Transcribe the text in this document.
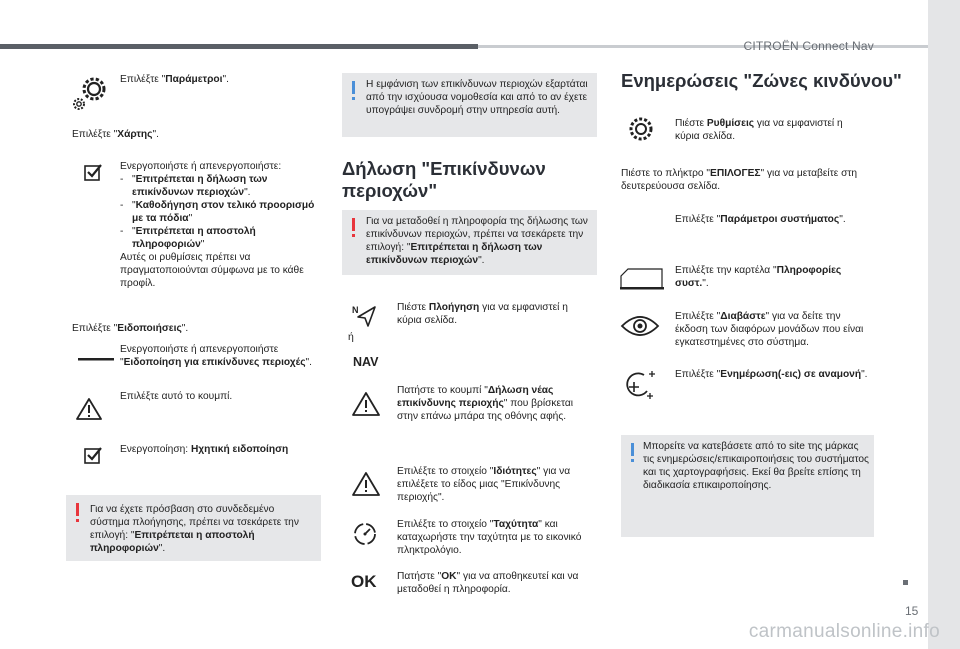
CITROËN Connect Nav
15
Επιλέξτε "Παράμετροι".
Επιλέξτε "Χάρτης".
Ενεργοποιήστε ή απενεργοποιήστε:
- "Επιτρέπεται η δήλωση των επικίνδυνων περιοχών".
- "Καθοδήγηση στον τελικό προορισμό με τα πόδια"
- "Επιτρέπεται η αποστολή πληροφοριών"
Αυτές οι ρυθμίσεις πρέπει να πραγματοποιούνται σύμφωνα με το κάθε προφίλ.
Επιλέξτε "Ειδοποιήσεις".
Ενεργοποιήστε ή απενεργοποιήστε "Ειδοποίηση για επικίνδυνες περιοχές".
Επιλέξτε αυτό το κουμπί.
Ενεργοποίηση: Ηχητική ειδοποίηση
Για να έχετε πρόσβαση στο συνδεδεμένο σύστημα πλοήγησης, πρέπει να τσεκάρετε την επιλογή: "Επιτρέπεται η αποστολή πληροφοριών".
Η εμφάνιση των επικίνδυνων περιοχών εξαρτάται από την ισχύουσα νομοθεσία και από το αν έχετε υπογράψει συνδρομή στην υπηρεσία αυτή.
Δήλωση "Επικίνδυνων περιοχών"
Για να μεταδοθεί η πληροφορία της δήλωσης των επικίνδυνων περιοχών, πρέπει να τσεκάρετε την επιλογή: "Επιτρέπεται η δήλωση των επικίνδυνων περιοχών".
N
ή
NAV
Πιέστε Πλοήγηση για να εμφανιστεί η κύρια σελίδα.
Πατήστε το κουμπί "Δήλωση νέας επικίνδυνης περιοχής" που βρίσκεται στην επάνω μπάρα της οθόνης αφής.
Επιλέξτε το στοιχείο "Ιδιότητες" για να επιλέξετε το είδος μιας "Επικίνδυνης περιοχής".
Επιλέξτε το στοιχείο "Ταχύτητα" και καταχωρήστε την ταχύτητα με το εικονικό πληκτρολόγιο.
OK Πατήστε "ΟΚ" για να αποθηκευτεί και να μεταδοθεί η πληροφορία.
Ενημερώσεις "Ζώνες κινδύνου"
Πιέστε Ρυθμίσεις για να εμφανιστεί η κύρια σελίδα.
Πιέστε το πλήκτρο "ΕΠΙΛΟΓΕΣ" για να μεταβείτε στη δευτερεύουσα σελίδα.
Επιλέξτε "Παράμετροι συστήματος".
Επιλέξτε την καρτέλα "Πληροφορίες συστ.".
Επιλέξτε "Διαβάστε" για να δείτε την έκδοση των διαφόρων μονάδων που είναι εγκατεστημένες στο σύστημα.
Επιλέξτε "Ενημέρωση(-εις) σε αναμονή".
Μπορείτε να κατεβάσετε από το site της μάρκας τις ενημερώσεις/επικαιροποιήσεις του συστήματος και τις χαρτογραφήσεις. Εκεί θα βρείτε επίσης τη διαδικασία επικαιροποίησης.
carmanualsonline.info
